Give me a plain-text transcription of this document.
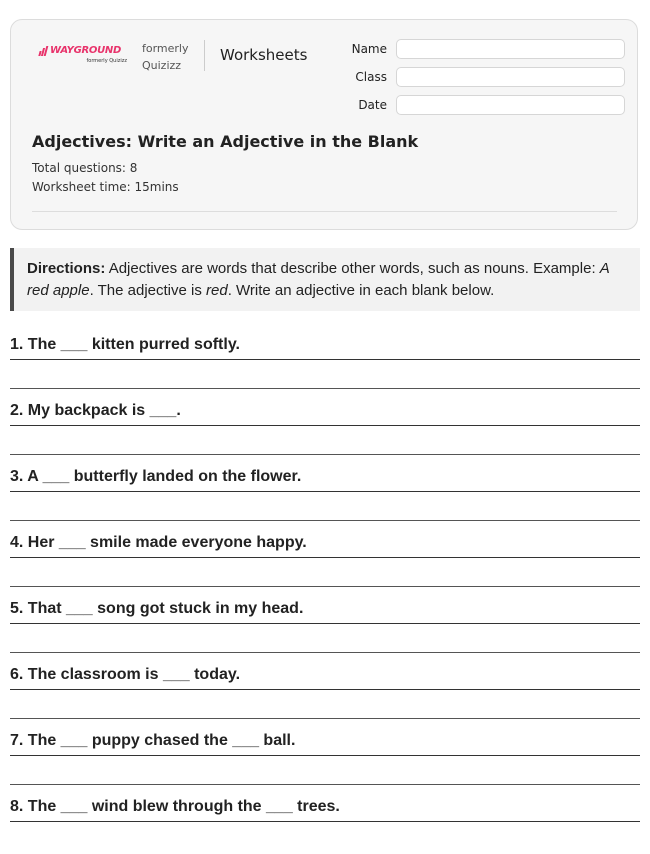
WAYGROUND
formerly Quizizz
formerly
Quizizz
Worksheets	Name
Class
Date
Adjectives: Write an Adjective in the Blank
Total questions: 8
Worksheet time: 15mins
Directions: Adjectives are words that describe other words, such as nouns. Example: A red apple. The adjective is red. Write an adjective in each blank below.
1. The ___ kitten purred softly.
2. My backpack is ___.
3. A ___ butterfly landed on the flower.
4. Her ___ smile made everyone happy.
5. That ___ song got stuck in my head.
6. The classroom is ___ today.
7. The ___ puppy chased the ___ ball.
8. The ___ wind blew through the ___ trees.
